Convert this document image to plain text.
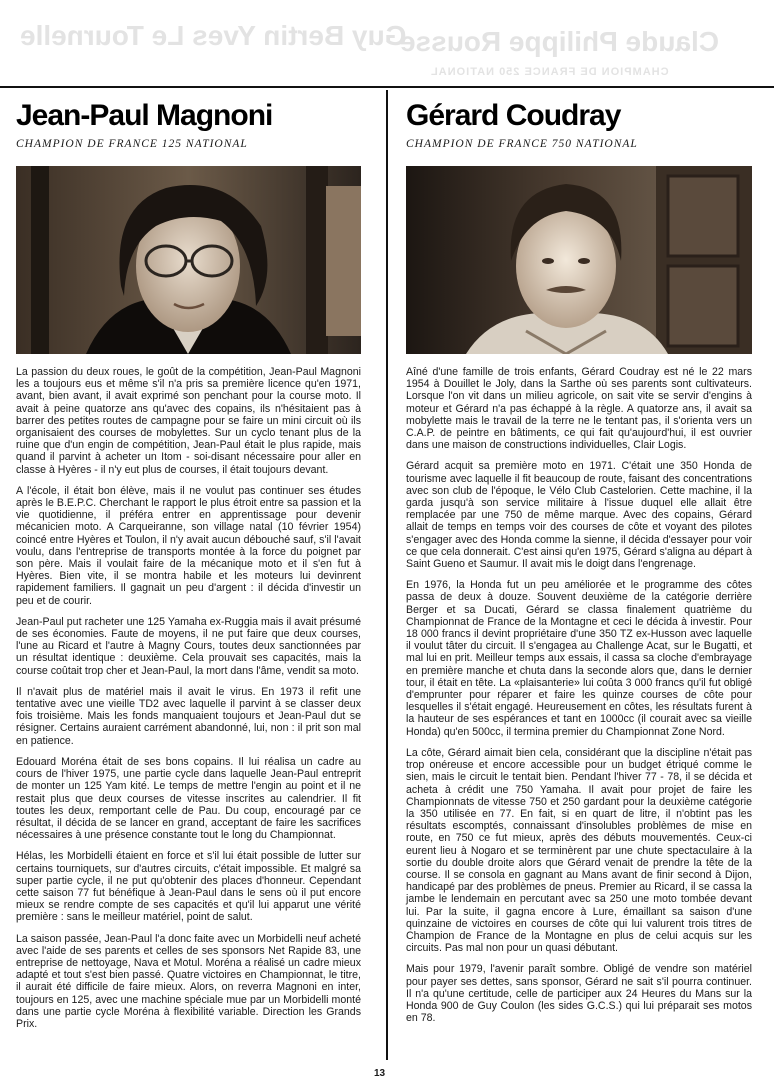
Guy Bertin Yves Le Tournelle
Claude Philippe Rousse
CHAMPION DE FRANCE 250 NATIONAL
Jean-Paul Magnoni
CHAMPION DE FRANCE 125 NATIONAL

La passion du deux roues, le goût de la compétition, Jean-Paul Magnoni les a toujours eus et même s'il n'a pris sa première licence qu'en 1971, avant, bien avant, il avait exprimé son penchant pour la course moto. Il avait à peine quatorze ans qu'avec des copains, ils n'hésitaient pas à barrer des petites routes de campagne pour se faire un mini circuit où ils organisaient des courses de mobylettes. Sur un cyclo tenant plus de la ruine que d'un engin de compétition, Jean-Paul était le plus rapide, mais quand il parvint à acheter un Itom - soi-disant nécessaire pour aller en classe à Hyères - il n'y eut plus de courses, il était toujours devant.

A l'école, il était bon élève, mais il ne voulut pas continuer ses études après le B.E.P.C. Cherchant le rapport le plus étroit entre sa passion et la vie quotidienne, il préféra entrer en apprentissage pour devenir mécanicien moto. A Carqueiranne, son village natal (10 février 1954) coincé entre Hyères et Toulon, il n'y avait aucun débouché sauf, s'il l'avait voulu, dans l'entreprise de transports montée à la force du poignet par son père. Mais il voulait faire de la mécanique moto et il s'en fut à Hyères. Bien vite, il se montra habile et les moteurs lui devinrent rapidement familiers. Il gagnait un peu d'argent : il décida d'investir un peu et de courir.

Jean-Paul put racheter une 125 Yamaha ex-Ruggia mais il avait présumé de ses économies. Faute de moyens, il ne put faire que deux courses, l'une au Ricard et l'autre à Magny Cours, toutes deux sanctionnées par un résultat identique : deuxième. Cela prouvait ses capacités, mais la course coûtait trop cher et Jean-Paul, la mort dans l'âme, vendit sa moto.

Il n'avait plus de matériel mais il avait le virus. En 1973 il refit une tentative avec une vieille TD2 avec laquelle il parvint à se classer deux fois troisième. Mais les fonds manquaient toujours et Jean-Paul dut se résigner. Certains auraient carrément abandonné, lui, non : il prit son mal en patience.

Edouard Moréna était de ses bons copains. Il lui réalisa un cadre au cours de l'hiver 1975, une partie cycle dans laquelle Jean-Paul entreprit de monter un 125 Yam kité. Le temps de mettre l'engin au point et il ne restait plus que deux courses de vitesse inscrites au calendrier. Il fit toutes les deux, remportant celle de Pau. Du coup, encouragé par ce résultat, il décida de se lancer en grand, acceptant de faire les sacrifices nécessaires à une présence constante tout le long du Championnat.

Hélas, les Morbidelli étaient en force et s'il lui était possible de lutter sur certains tourniquets, sur d'autres circuits, c'était impossible. Et malgré sa super partie cycle, il ne put qu'obtenir des places d'honneur. Cependant cette saison 77 fut bénéfique à Jean-Paul dans le sens où il put encore mieux se rendre compte de ses capacités et qu'il lui apparut une vérité première : sans le meilleur matériel, point de salut.

La saison passée, Jean-Paul l'a donc faite avec un Morbidelli neuf acheté avec l'aide de ses parents et celles de ses sponsors Net Rapide 83, une entreprise de nettoyage, Nava et Motul. Moréna a réalisé un cadre mieux adapté et tout s'est bien passé. Quatre victoires en Championnat, le titre, il aurait été difficile de faire mieux. Alors, on reverra Magnoni en inter, toujours en 125, avec une machine spéciale mue par un Morbidelli monté dans une partie cycle Moréna à flexibilité variable. Direction les Grands Prix.

Gérard Coudray
CHAMPION DE FRANCE 750 NATIONAL

Aîné d'une famille de trois enfants, Gérard Coudray est né le 22 mars 1954 à Douillet le Joly, dans la Sarthe où ses parents sont cultivateurs. Lorsque l'on vit dans un milieu agricole, on sait vite se servir d'engins à moteur et Gérard n'a pas échappé à la règle. A quatorze ans, il avait sa mobylette mais le travail de la terre ne le tentant pas, il s'orienta vers un C.A.P. de peintre en bâtiments, ce qui fait qu'aujourd'hui, il est ouvrier dans une maison de constructions individuelles, Clair Logis.

Gérard acquit sa première moto en 1971. C'était une 350 Honda de tourisme avec laquelle il fit beaucoup de route, faisant des concentrations avec son club de l'époque, le Vélo Club Castelorien. Cette machine, il la garda jusqu'à son service militaire à l'issue duquel elle allait être remplacée par une 750 de même marque. Avec des copains, Gérard allait de temps en temps voir des courses de côte et voyant des pilotes s'engager avec des Honda comme la sienne, il décida d'essayer pour voir ce que cela donnerait. C'est ainsi qu'en 1975, Gérard s'aligna au départ à Saint Gueno et Saumur. Il avait mis le doigt dans l'engrenage.

En 1976, la Honda fut un peu améliorée et le programme des côtes passa de deux à douze. Souvent deuxième de la catégorie derrière Berger et sa Ducati, Gérard se classa finalement quatrième du Championnat de France de la Montagne et ceci le décida à investir. Pour 18 000 francs il devint propriétaire d'une 350 TZ ex-Husson avec laquelle il voulut tâter du circuit. Il s'engagea au Challenge Acat, sur le Bugatti, et mal lui en prit. Meilleur temps aux essais, il cassa sa cloche d'embrayage en première manche et chuta dans la seconde alors que, dans le dernier tour, il était en tête. La «plaisanterie» lui coûta 3 000 francs qu'il fut obligé d'emprunter pour réparer et faire les quinze courses de côte pour lesquelles il s'était engagé. Heureusement en côtes, les résultats furent à la hauteur de ses espérances et tant en 1000cc (il courait avec sa vieille Honda) qu'en 500cc, il termina premier du Championnat Zone Nord.

La côte, Gérard aimait bien cela, considérant que la discipline n'était pas trop onéreuse et encore accessible pour un budget étriqué comme le sien, mais le circuit le tentait bien. Pendant l'hiver 77 - 78, il se décida et acheta à crédit une 750 Yamaha. Il avait pour projet de faire les Championnats de vitesse 750 et 250 gardant pour la deuxième catégorie la 350 utilisée en 77. En fait, si en quart de litre, il n'obtint pas les résultats escomptés, connaissant d'insolubles problèmes de mise en route, en 750 ce fut mieux, après des débuts mouvementés. Ceux-ci eurent lieu à Nogaro et se terminèrent par une chute spectaculaire à la sortie du double droite alors que Gérard venait de prendre la tête de la course. Il se consola en gagnant au Mans avant de finir second à Dijon, handicapé par des problèmes de pneus. Premier au Ricard, il se cassa la jambe le lendemain en percutant avec sa 250 une moto tombée devant lui. Par la suite, il gagna encore à Lure, émaillant sa saison d'une quinzaine de victoires en courses de côte qui lui valurent trois titres de Champion de France de la Montagne en plus de celui acquis sur les circuits. Pas mal non pour un quasi débutant.

Mais pour 1979, l'avenir paraît sombre. Obligé de vendre son matériel pour payer ses dettes, sans sponsor, Gérard ne sait s'il pourra continuer. Il n'a qu'une certitude, celle de participer aux 24 Heures du Mans sur la Honda 900 de Guy Coulon (les sides G.C.S.) qui lui préparait ses motos en 78.

13
